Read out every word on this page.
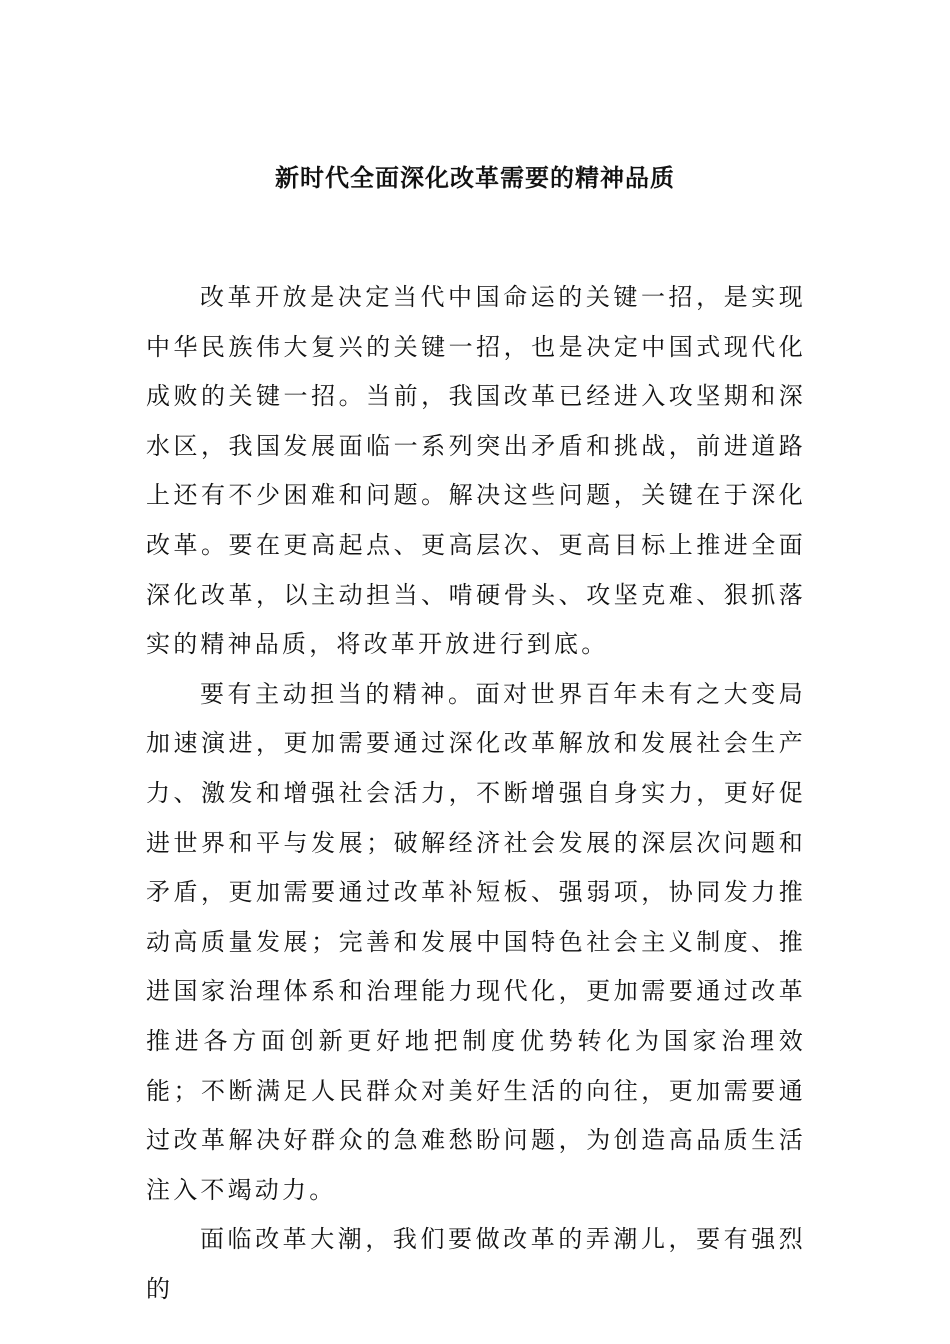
新时代全面深化改革需要的精神品质

改革开放是决定当代中国命运的关键一招，是实现中华民族伟大复兴的关键一招，也是决定中国式现代化成败的关键一招。当前，我国改革已经进入攻坚期和深水区，我国发展面临一系列突出矛盾和挑战，前进道路上还有不少困难和问题。解决这些问题，关键在于深化改革。要在更高起点、更高层次、更高目标上推进全面深化改革，以主动担当、啃硬骨头、攻坚克难、狠抓落实的精神品质，将改革开放进行到底。

要有主动担当的精神。面对世界百年未有之大变局加速演进，更加需要通过深化改革解放和发展社会生产力、激发和增强社会活力，不断增强自身实力，更好促进世界和平与发展；破解经济社会发展的深层次问题和矛盾，更加需要通过改革补短板、强弱项，协同发力推动高质量发展；完善和发展中国特色社会主义制度、推进国家治理体系和治理能力现代化，更加需要通过改革推进各方面创新更好地把制度优势转化为国家治理效能；不断满足人民群众对美好生活的向往，更加需要通过改革解决好群众的急难愁盼问题，为创造高品质生活注入不竭动力。

面临改革大潮，我们要做改革的弄潮儿，要有强烈的
